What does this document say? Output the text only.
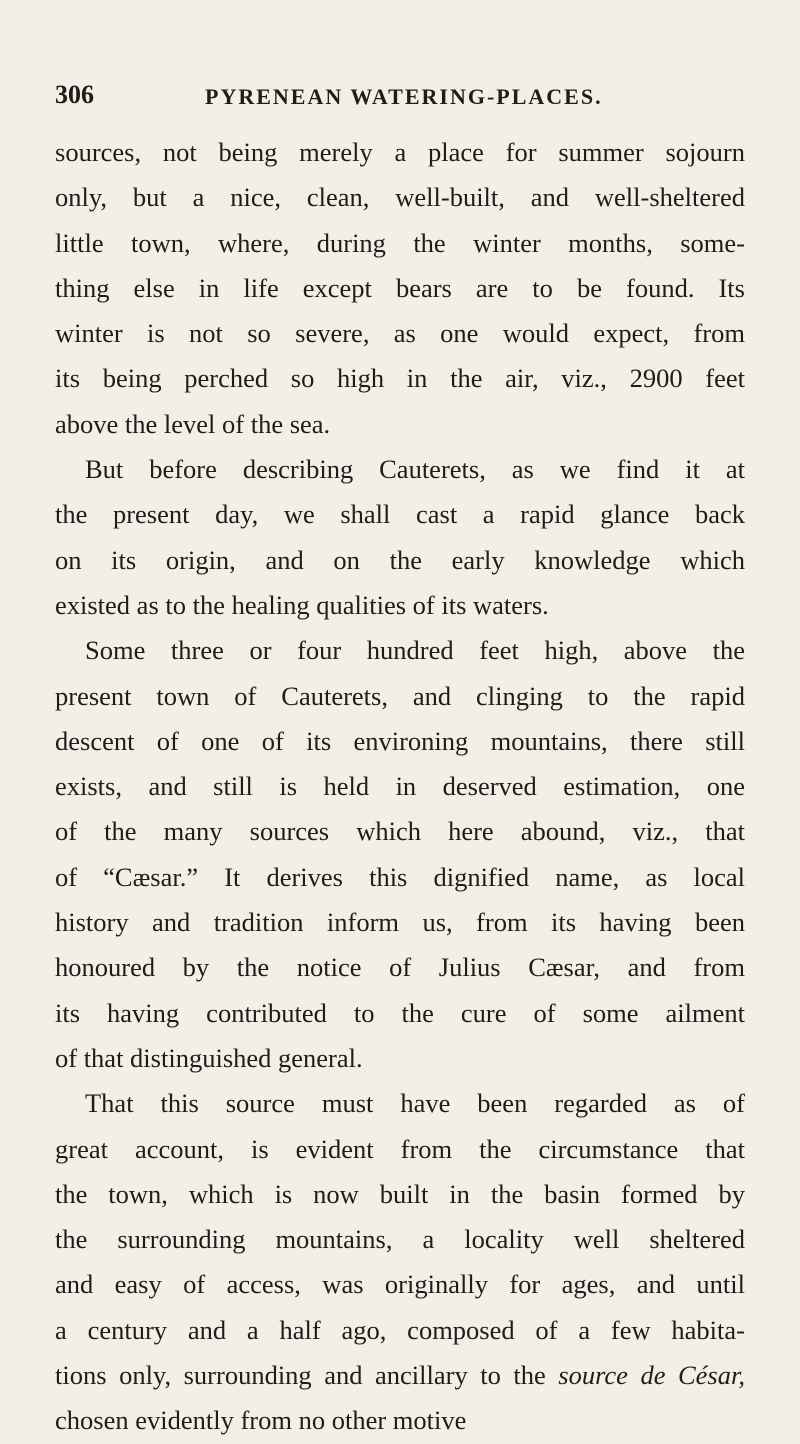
306	PYRENEAN WATERING-PLACES.
sources, not being merely a place for summer sojourn
only, but a nice, clean, well-built, and well-sheltered
little town, where, during the winter months, some-
thing else in life except bears are to be found. Its
winter is not so severe, as one would expect, from
its being perched so high in the air, viz., 2900 feet
above the level of the sea.
But before describing Cauterets, as we find it at
the present day, we shall cast a rapid glance back
on its origin, and on the early knowledge which
existed as to the healing qualities of its waters.
Some three or four hundred feet high, above the
present town of Cauterets, and clinging to the rapid
descent of one of its environing mountains, there still
exists, and still is held in deserved estimation, one
of the many sources which here abound, viz., that
of “Cæsar.” It derives this dignified name, as local
history and tradition inform us, from its having been
honoured by the notice of Julius Cæsar, and from
its having contributed to the cure of some ailment
of that distinguished general.
That this source must have been regarded as of
great account, is evident from the circumstance that
the town, which is now built in the basin formed by
the surrounding mountains, a locality well sheltered
and easy of access, was originally for ages, and until
a century and a half ago, composed of a few habita-
tions only, surrounding and ancillary to the source de César,
chosen evidently from no other motive
